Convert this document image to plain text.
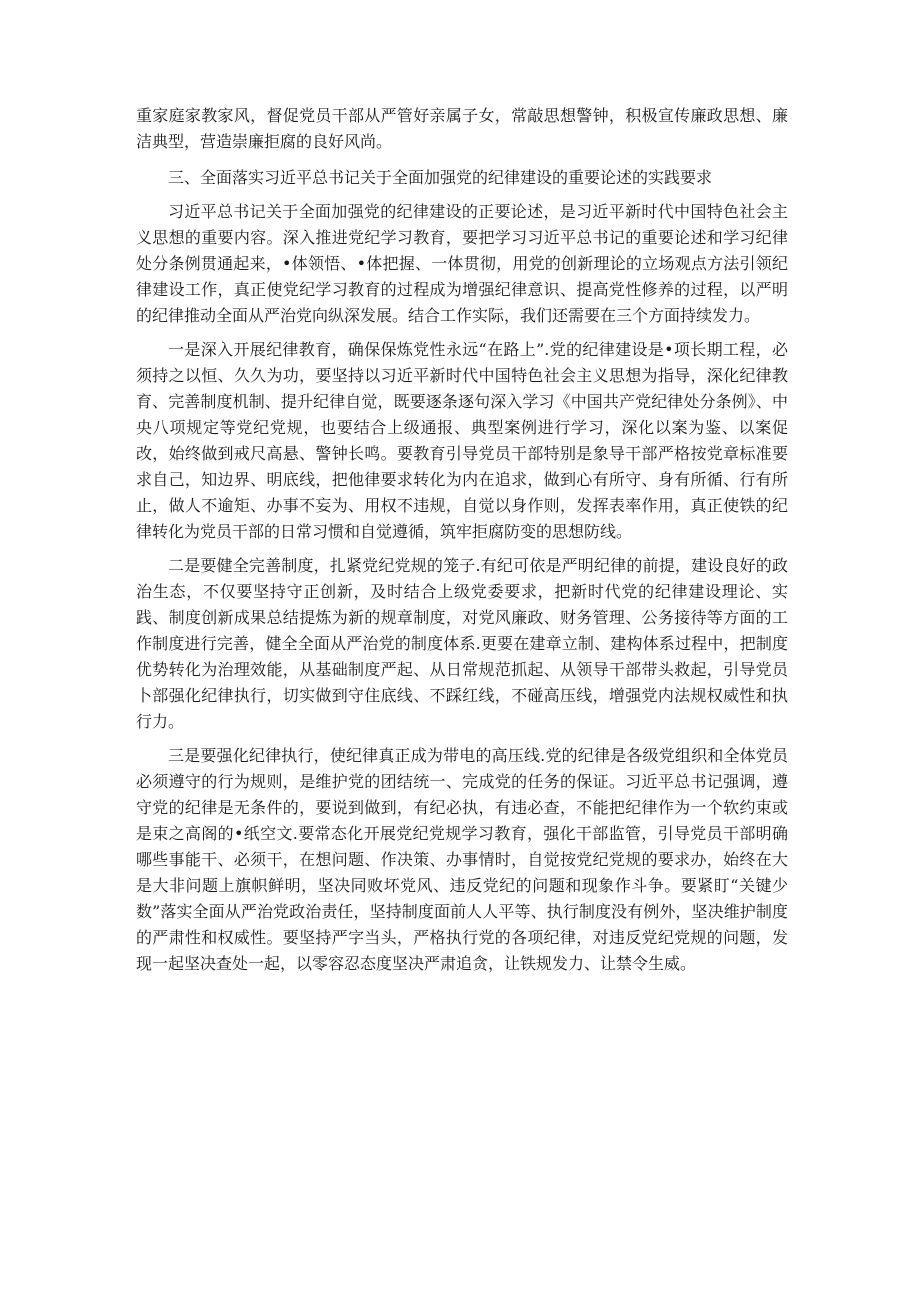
重家庭家教家风，督促党员干部从严管好亲属子女，常敲思想警钟，积极宣传廉政思想、廉洁典型，营造崇廉拒腐的良好风尚。

三、全面落实习近平总书记关于全面加强党的纪律建设的重要论述的实践要求

习近平总书记关于全面加强党的纪律建设的正要论述，是习近平新时代中国特色社会主义思想的重要内容。深入推进党纪学习教育，要把学习习近平总书记的重要论述和学习纪律处分条例贯通起来，•体领悟、•体把握、一体贯彻，用党的创新理论的立场观点方法引领纪律建设工作，真正使党纪学习教育的过程成为增强纪律意识、提高党性修养的过程，以严明的纪律推动全面从严治党向纵深发展。结合工作实际，我们还需要在三个方面持续发力。

一是深入开展纪律教育，确保保炼党性永远“在路上”.党的纪律建设是•项长期工程，必须持之以恒、久久为功，要坚持以习近平新时代中国特色社会主义思想为指导，深化纪律教育、完善制度机制、提升纪律自觉，既要逐条逐句深入学习《中国共产党纪律处分条例》、中央八项规定等党纪党规，也要结合上级通报、典型案例进行学习，深化以案为鉴、以案促改，始终做到戒尺高悬、警钟长鸣。要教育引导党员干部特别是象导干部严格按党章标准要求自己，知边界、明底线，把他律要求转化为内在追求，做到心有所守、身有所循、行有所止，做人不逾矩、办事不妄为、用权不违规，自觉以身作则，发挥表率作用，真正使铁的纪律转化为党员干部的日常习惯和自觉遵循，筑牢拒腐防变的思想防线。

二是要健全完善制度，扎紧党纪党规的笼子.有纪可依是严明纪律的前提，建设良好的政治生态，不仅要坚持守正创新，及时结合上级党委要求，把新时代党的纪律建设理论、实践、制度创新成果总结提炼为新的规章制度，对党风廉政、财务管理、公务接待等方面的工作制度进行完善，健全全面从严治党的制度体系.更要在建章立制、建构体系过程中，把制度优势转化为治理效能，从基础制度严起、从日常规范抓起、从领导干部带头救起，引导党员卜部强化纪律执行，切实做到守住底线、不踩红线，不碰高压线，增强党内法规权威性和执行力。

三是要强化纪律执行，使纪律真正成为带电的高压线.党的纪律是各级党组织和全体党员必须遵守的行为规则，是维护党的团结统一、完成党的任务的保证。习近平总书记强调，遵守党的纪律是无条件的，要说到做到，有纪必执，有违必查，不能把纪律作为一个软约束或是束之高阁的•纸空文.要常态化开展党纪党规学习教育，强化干部监管，引导党员干部明确哪些事能干、必须干，在想问题、作决策、办事情时，自觉按党纪党规的要求办，始终在大是大非问题上旗帜鲜明，坚决同败坏党风、违反党纪的问题和现象作斗争。要紧盯“关键少数”落实全面从严治党政治责任，坚持制度面前人人平等、执行制度没有例外，坚决维护制度的严肃性和权威性。要坚持严字当头，严格执行党的各项纪律，对违反党纪党规的问题，发现一起坚决查处一起，以零容忍态度坚决严肃追贪，让铁规发力、让禁令生威。
